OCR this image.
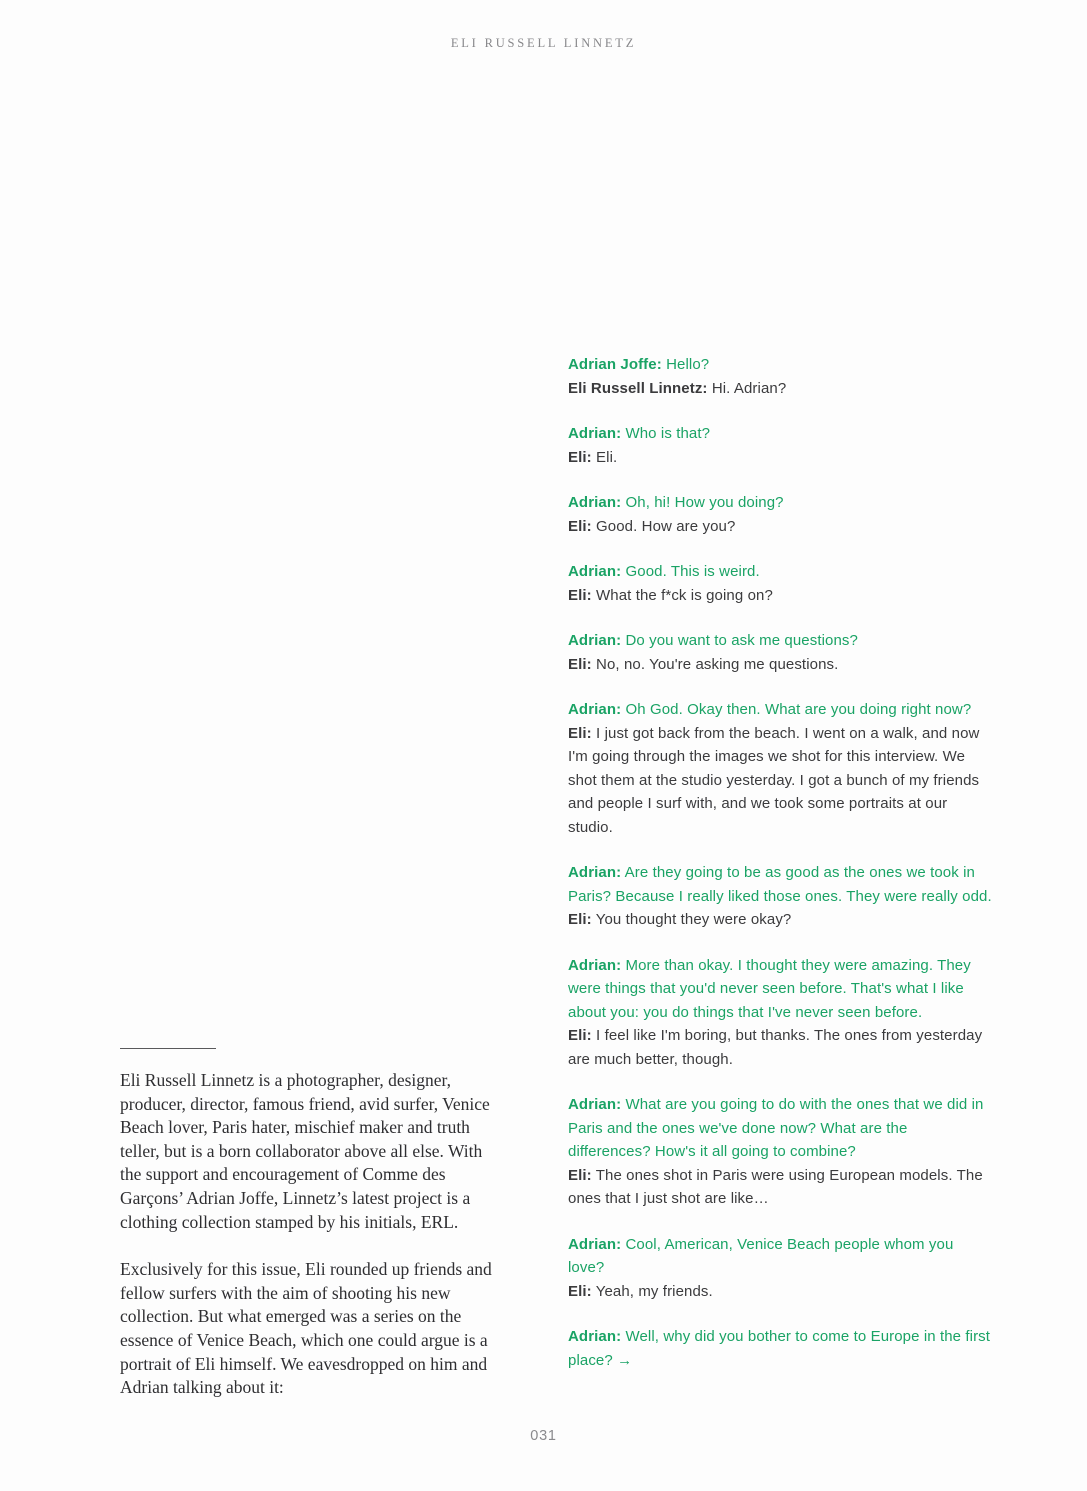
ELI RUSSELL LINNETZ

Eli Russell Linnetz is a photographer, designer, producer, director, famous friend, avid surfer, Venice Beach lover, Paris hater, mischief maker and truth teller, but is a born collaborator above all else. With the support and encouragement of Comme des Garçons’ Adrian Joffe, Linnetz’s latest project is a clothing collection stamped by his initials, ERL.

Exclusively for this issue, Eli rounded up friends and fellow surfers with the aim of shooting his new collection. But what emerged was a series on the essence of Venice Beach, which one could argue is a portrait of Eli himself. We eavesdropped on him and Adrian talking about it:

Adrian Joffe: Hello?

Eli Russell Linnetz: Hi. Adrian?

Adrian: Who is that?

Eli: Eli.

Adrian: Oh, hi! How you doing?

Eli: Good. How are you?

Adrian: Good. This is weird.

Eli: What the f*ck is going on?

Adrian: Do you want to ask me questions?

Eli: No, no. You're asking me questions.

Adrian: Oh God. Okay then. What are you doing right now?

Eli: I just got back from the beach. I went on a walk, and now I'm going through the images we shot for this interview. We shot them at the studio yesterday. I got a bunch of my friends and people I surf with, and we took some portraits at our studio.

Adrian: Are they going to be as good as the ones we took in Paris? Because I really liked those ones. They were really odd.

Eli: You thought they were okay?

Adrian: More than okay. I thought they were amazing. They were things that you'd never seen before. That's what I like about you: you do things that I've never seen before.

Eli: I feel like I'm boring, but thanks. The ones from yesterday are much better, though.

Adrian: What are you going to do with the ones that we did in Paris and the ones we've done now? What are the differences? How's it all going to combine?

Eli: The ones shot in Paris were using European models. The ones that I just shot are like…

Adrian: Cool, American, Venice Beach people whom you love?

Eli: Yeah, my friends.

Adrian: Well, why did you bother to come to Europe in the first place? →

031
